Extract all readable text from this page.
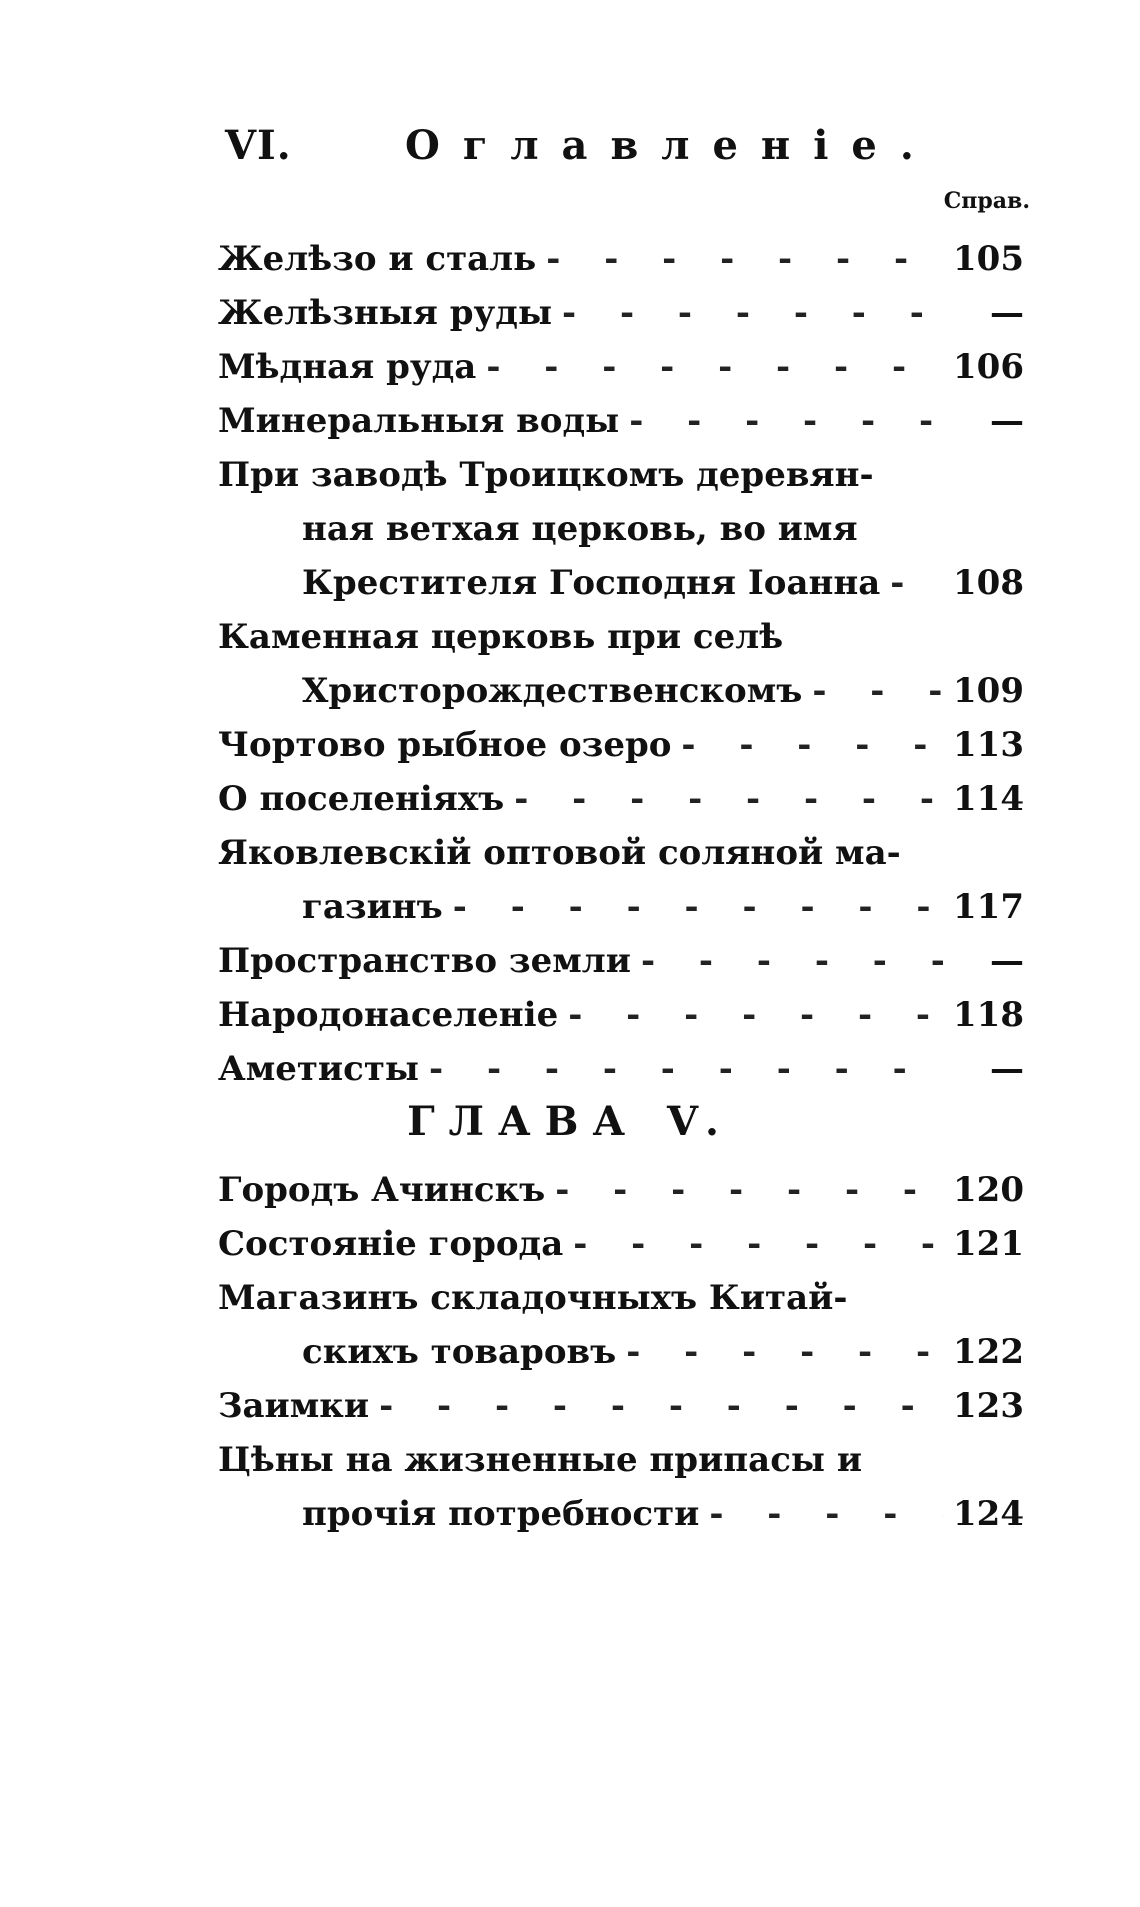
VI.	Оглавленіе.
Справ.
Желѣзо и сталь - - -	105
Желѣзныя руды - - -	—
Мѣдная руда - - -	106
Минеральныя воды - - -	—
При заводѣ Троицкомъ деревян-
ная ветхая церковь, во имя
Крестителя Господня Іоанна - - - 108
Каменная церковь при селѣ
Христорождественскомъ - - -	109
Чортово рыбное озеро - - -	113
О поселеніяхъ - - -	114
Яковлевскій оптовой соляной ма-
газинъ - - -	117
Пространство земли - - -	—
Народонаселеніе - - -	118
Аметисты - - -	—
ГЛАВА V.
Городъ Ачинскъ - - -	120
Состояніе города - - -	121
Магазинъ складочныхъ Китай-
скихъ товаровъ - - -	122
Заимки - - -	123
Цѣны на жизненные припасы и
прочія потребности - - -	124
